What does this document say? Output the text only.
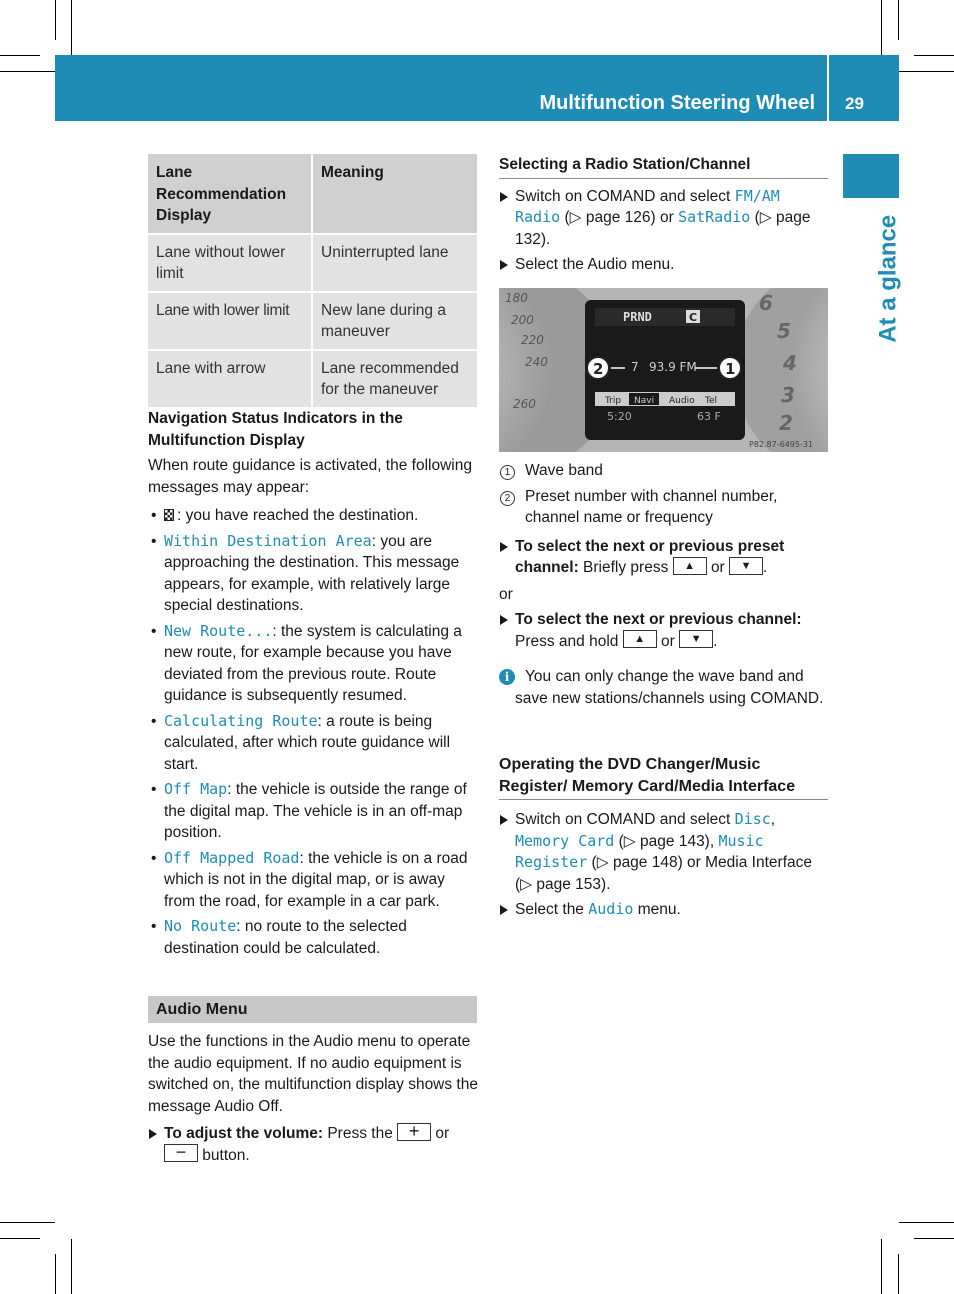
Multifunction Steering Wheel 29
At a glance
Lane Recommendation Display	Meaning
Lane without lower limit	Uninterrupted lane
Lane with lower limit	New lane during a maneuver
Lane with arrow	Lane recommended for the maneuver
Navigation Status Indicators in the Multifunction Display
When route guidance is activated, the following messages may appear:
• : you have reached the destination.
• Within Destination Area: you are approaching the destination. This message appears, for example, with relatively large special destinations.
• New Route...: the system is calculating a new route, for example because you have deviated from the previous route. Route guidance is subsequently resumed.
• Calculating Route: a route is being calculated, after which route guidance will start.
• Off Map: the vehicle is outside the range of the digital map. The vehicle is in an off-map position.
• Off Mapped Road: the vehicle is on a road which is not in the digital map, or is away from the road, for example in a car park.
• No Route: no route to the selected destination could be calculated.
Audio Menu
Use the functions in the Audio menu to operate the audio equipment. If no audio equipment is switched on, the multifunction display shows the message Audio Off.
To adjust the volume: Press the + or
− button.
Selecting a Radio Station/Channel
Switch on COMAND and select FM/AM Radio (▷ page 126) or SatRadio (▷ page 132).
Select the Audio menu.
180
200
220
240
260
6
5
4
3
2
PRND	C
7 93.9 FM
Trip Navi Audio Tel
5:20	63 F
2	1
P82.87-6495-31
1 Wave band
2 Preset number with channel number, channel name or frequency
To select the next or previous preset channel: Briefly press ▲ or ▼ .
or
To select the next or previous channel: Press and hold ▲ or ▼ .
i	You can only change the wave band and save new stations/channels using COMAND.
Operating the DVD Changer/Music Register/ Memory Card/Media Interface
Switch on COMAND and select Disc, Memory Card (▷ page 143), Music Register (▷ page 148) or Media Interface (▷ page 153).
Select the Audio menu.
